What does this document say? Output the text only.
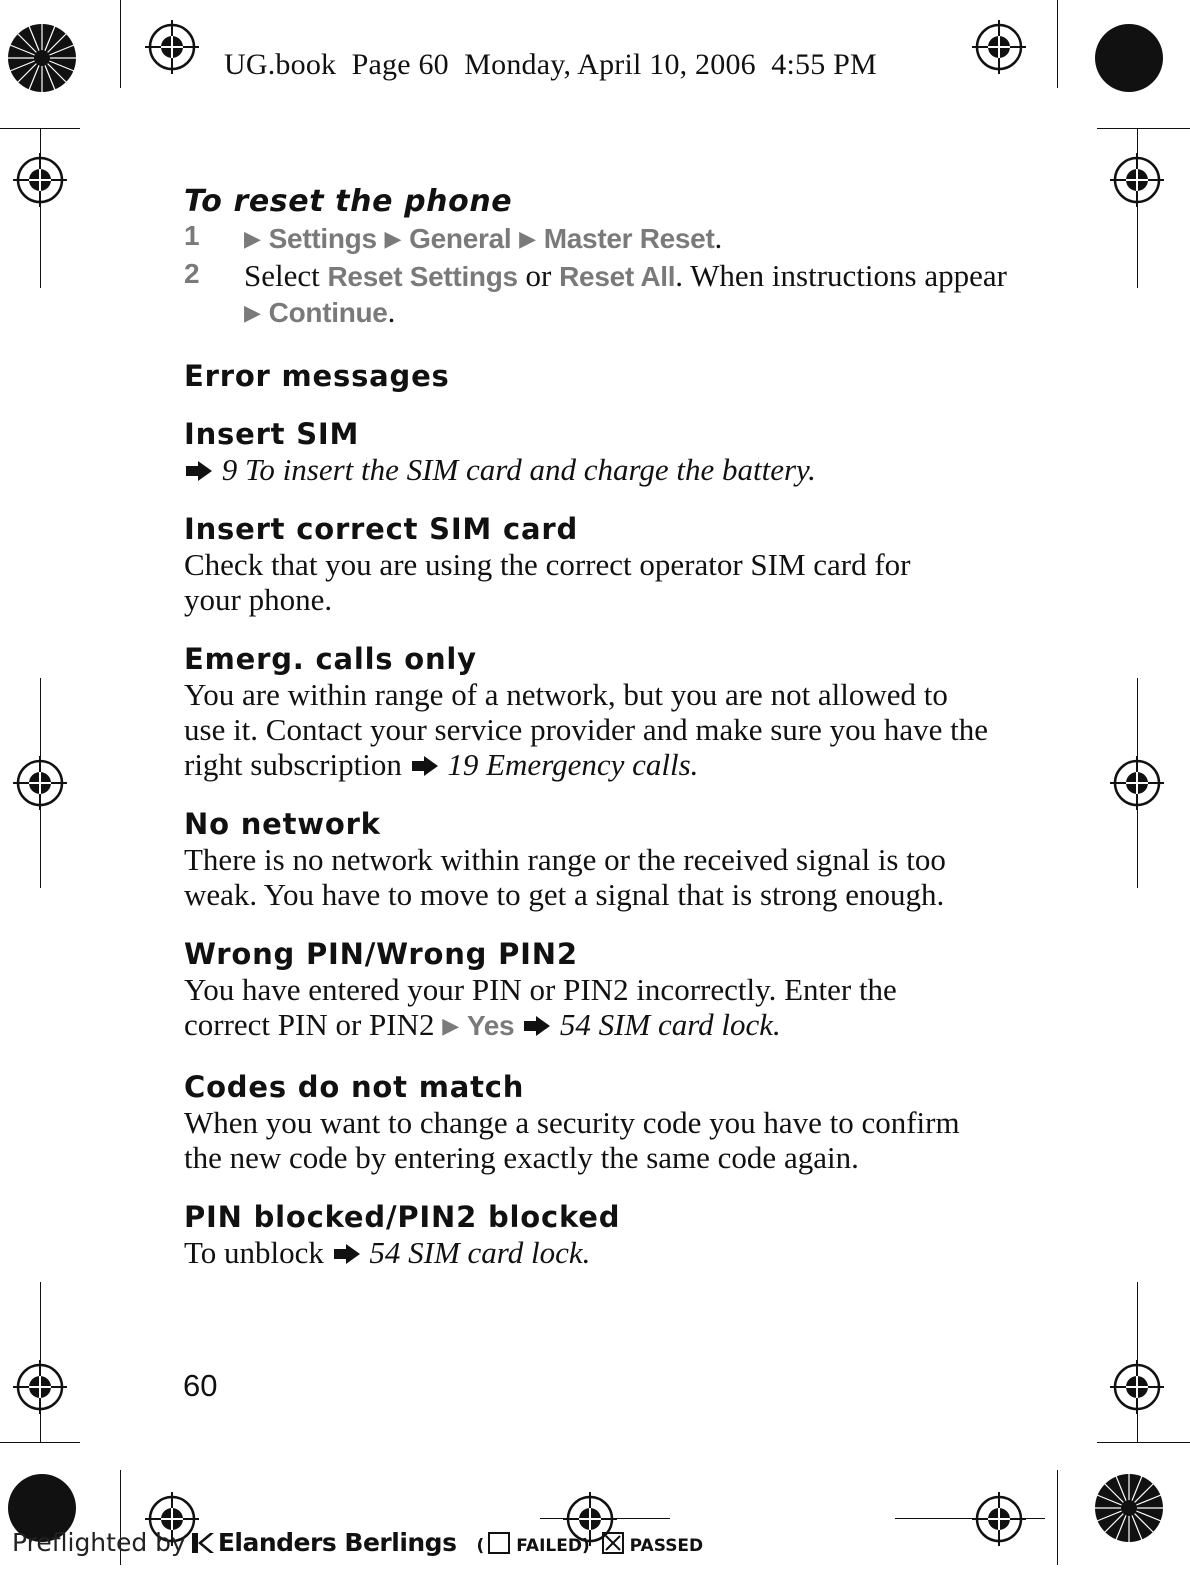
UG.book  Page 60  Monday, April 10, 2006  4:55 PM
To reset the phone
1 ▶ Settings ▶ General ▶ Master Reset.

2 Select Reset Settings or Reset All. When instructions appear ▶ Continue.

Error messages
Insert SIM

9 To insert the SIM card and charge the battery.

Insert correct SIM card

Check that you are using the correct operator SIM card for your phone.

Emerg. calls only

You are within range of a network, but you are not allowed to use it. Contact your service provider and make sure you have the right subscription  19 Emergency calls.

No network

There is no network within range or the received signal is too weak. You have to move to get a signal that is strong enough.

Wrong PIN/Wrong PIN2

You have entered your PIN or PIN2 incorrectly. Enter the correct PIN or PIN2 ▶ Yes 54 SIM card lock.

Codes do not match

When you want to change a security code you have to confirm the new code by entering exactly the same code again.

PIN blocked/PIN2 blocked

To unblock  54 SIM card lock.

60
Preflighted by Elanders Berlings ( FAILED)
PASSED
